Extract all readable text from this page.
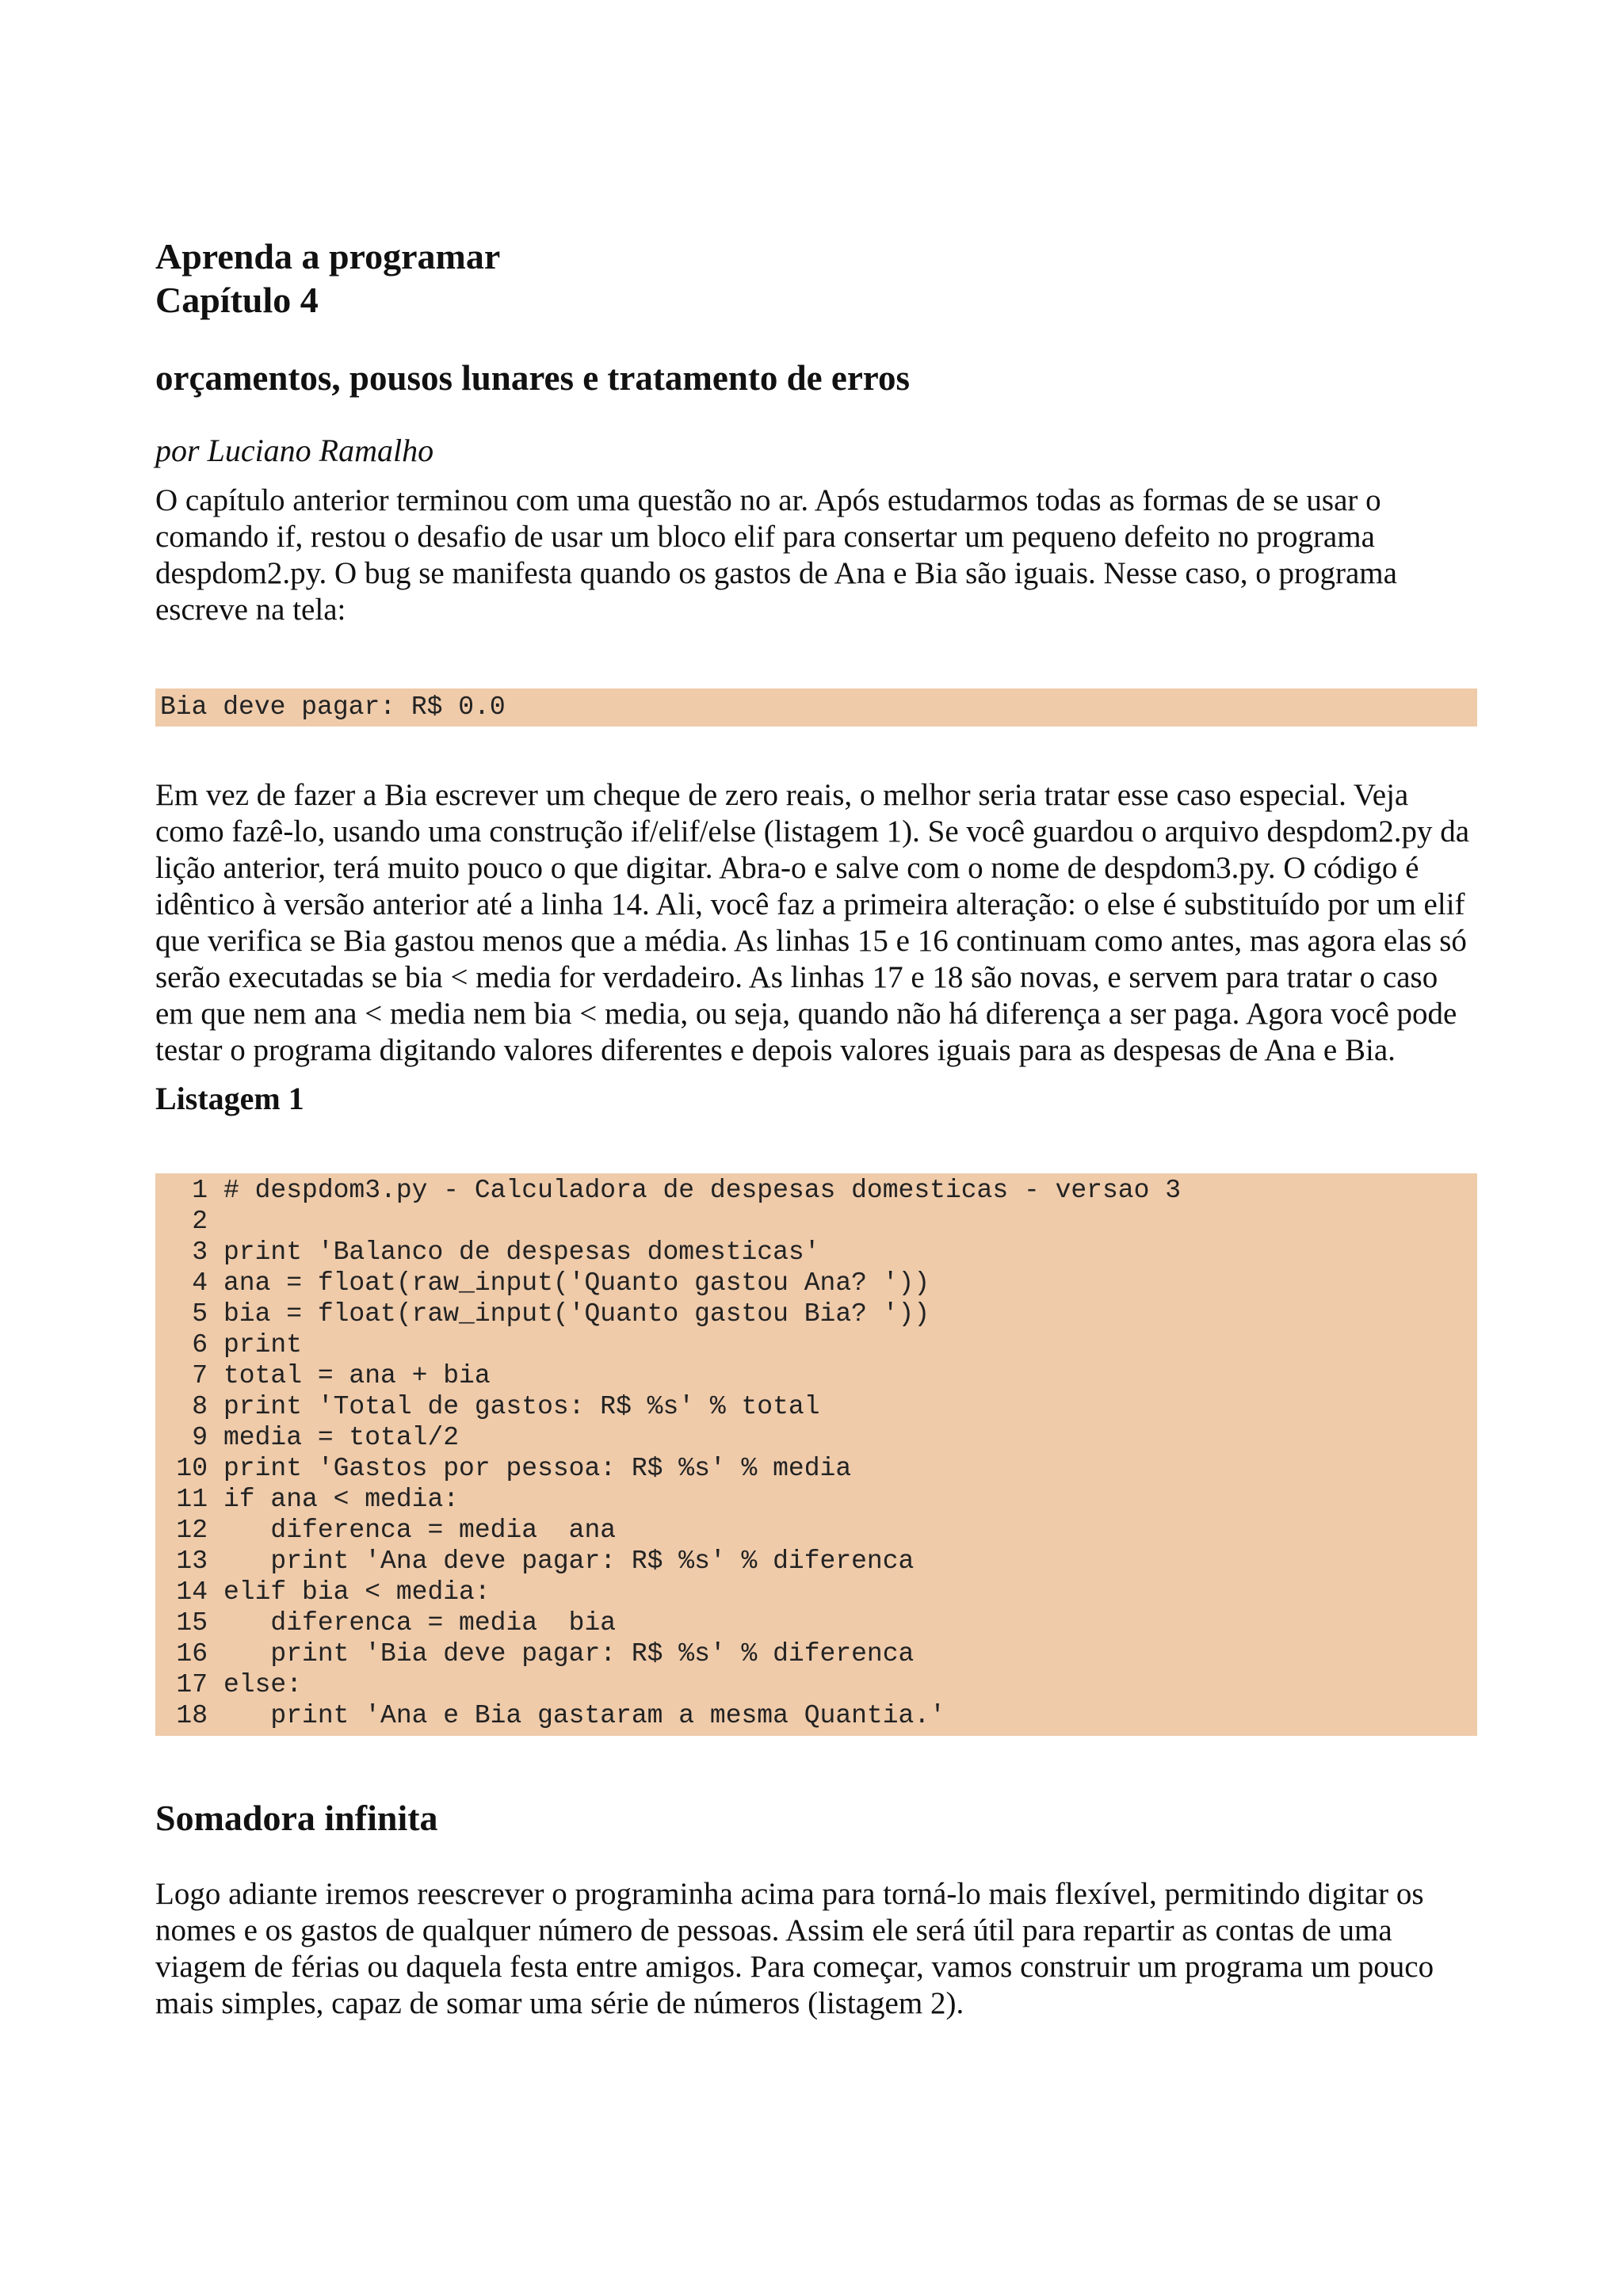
Aprenda a programar
Capítulo 4
orçamentos, pousos lunares e tratamento de erros
por Luciano Ramalho
O capítulo anterior terminou com uma questão no ar. Após estudarmos todas as formas de se usar o comando if, restou o desafio de usar um bloco elif para consertar um pequeno defeito no programa despdom2.py. O bug se manifesta quando os gastos de Ana e Bia são iguais. Nesse caso, o programa escreve na tela:
Bia deve pagar: R$ 0.0
Em vez de fazer a Bia escrever um cheque de zero reais, o melhor seria tratar esse caso especial. Veja como fazê-lo, usando uma construção if/elif/else (listagem 1). Se você guardou o arquivo despdom2.py da lição anterior, terá muito pouco o que digitar. Abra-o e salve com o nome de despdom3.py. O código é idêntico à versão anterior até a linha 14. Ali, você faz a primeira alteração: o else é substituído por um elif que verifica se Bia gastou menos que a média. As linhas 15 e 16 continuam como antes, mas agora elas só serão executadas se bia < media for verdadeiro. As linhas 17 e 18 são novas, e servem para tratar o caso em que nem ana < media nem bia < media, ou seja, quando não há diferença a ser paga. Agora você pode testar o programa digitando valores diferentes e depois valores iguais para as despesas de Ana e Bia.
Listagem 1
1 # despdom3.py - Calculadora de despesas domesticas - versao 3
2
3 print 'Balanco de despesas domesticas'
4 ana = float(raw_input('Quanto gastou Ana? '))
5 bia = float(raw_input('Quanto gastou Bia? '))
6 print
7 total = ana + bia
8 print 'Total de gastos: R$ %s' % total
9 media = total/2
10 print 'Gastos por pessoa: R$ %s' % media
11 if ana < media:
12 diferenca = media  ana
13 print 'Ana deve pagar: R$ %s' % diferenca
14 elif bia < media:
15 diferenca = media  bia
16 print 'Bia deve pagar: R$ %s' % diferenca
17 else:
18 print 'Ana e Bia gastaram a mesma Quantia.'
Somadora infinita
Logo adiante iremos reescrever o programinha acima para torná-lo mais flexível, permitindo digitar os nomes e os gastos de qualquer número de pessoas. Assim ele será útil para repartir as contas de uma viagem de férias ou daquela festa entre amigos. Para começar, vamos construir um programa um pouco mais simples, capaz de somar uma série de números (listagem 2).
